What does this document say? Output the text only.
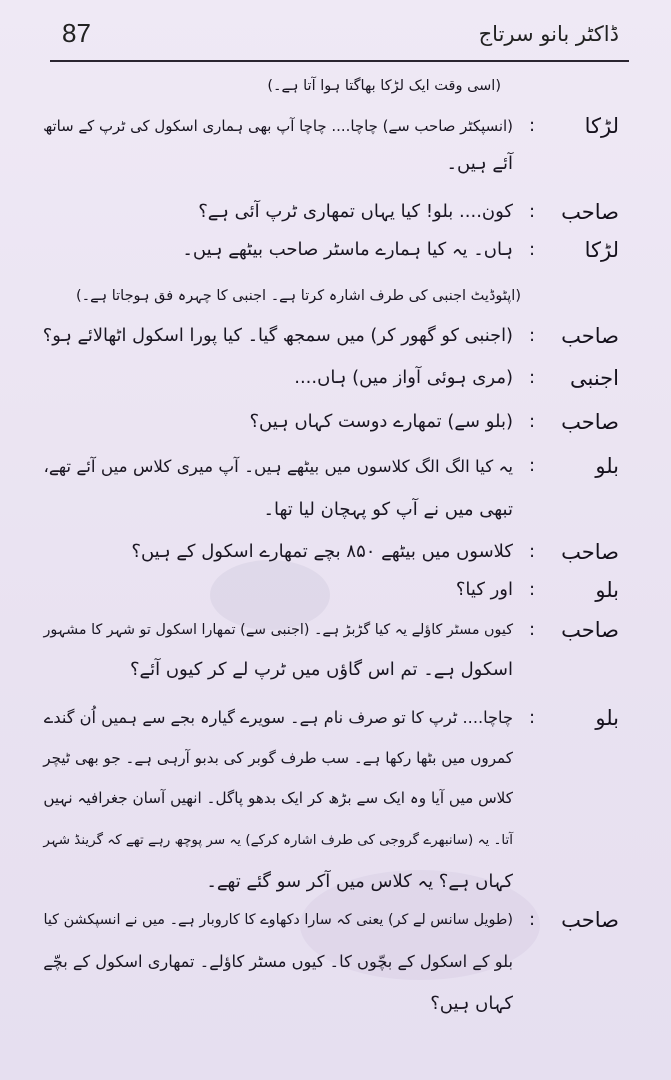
87	ڈاکٹر بانو سرتاج
(اسی وقت ایک لڑکا بھاگتا ہوا آتا ہے۔)
لڑکا
:
(انسپکٹر صاحب سے) چاچا.... چاچا آپ بھی ہماری اسکول کی ٹرپ کے ساتھ
آئے ہیں۔
صاحب
:
کون.... بلو! کیا یہاں تمھاری ٹرپ آئی ہے؟
لڑکا
:
ہاں۔ یہ کیا ہمارے ماسٹر صاحب بیٹھے ہیں۔
(اپٹوڈیٹ اجنبی کی طرف اشارہ کرتا ہے۔ اجنبی کا چہرہ فق ہوجاتا ہے۔)
صاحب
:
(اجنبی کو گھور کر) میں سمجھ گیا۔ کیا پورا اسکول اٹھالائے ہو؟
اجنبی
:
(مری ہوئی آواز میں) ہاں....
صاحب
:
(بلو سے) تمھارے دوست کہاں ہیں؟
بلو
:
یہ کیا الگ الگ کلاسوں میں بیٹھے ہیں۔ آپ میری کلاس میں آئے تھے،
تبھی میں نے آپ کو پہچان لیا تھا۔
صاحب
:
کلاسوں میں بیٹھے ۸۵۰ بچے تمھارے اسکول کے ہیں؟
بلو
:
اور کیا؟
صاحب
:
کیوں مسٹر کاؤلے یہ کیا گڑبڑ ہے۔ (اجنبی سے) تمھارا اسکول تو شہر کا مشہور
اسکول ہے۔ تم اس گاؤں میں ٹرپ لے کر کیوں آئے؟
بلو
:
چاچا.... ٹرپ کا تو صرف نام ہے۔ سویرے گیارہ بجے سے ہمیں اُن گندے
کمروں میں بٹھا رکھا ہے۔ سب طرف گوبر کی بدبو آرہی ہے۔ جو بھی ٹیچر
کلاس میں آیا وہ ایک سے بڑھ کر ایک بدھو پاگل۔ انھیں آسان جغرافیہ نہیں
آتا۔ یہ (سانبھرے گروجی کی طرف اشارہ کرکے) یہ سر پوچھ رہے تھے کہ گرینڈ شہر
کہاں ہے؟ یہ کلاس میں آکر سو گئے تھے۔
صاحب
:
(طویل سانس لے کر) یعنی کہ سارا دکھاوے کا کاروبار ہے۔ میں نے انسپکشن کیا
بلو کے اسکول کے بچّوں کا۔ کیوں مسٹر کاؤلے۔ تمھاری اسکول کے بچّے
کہاں ہیں؟
